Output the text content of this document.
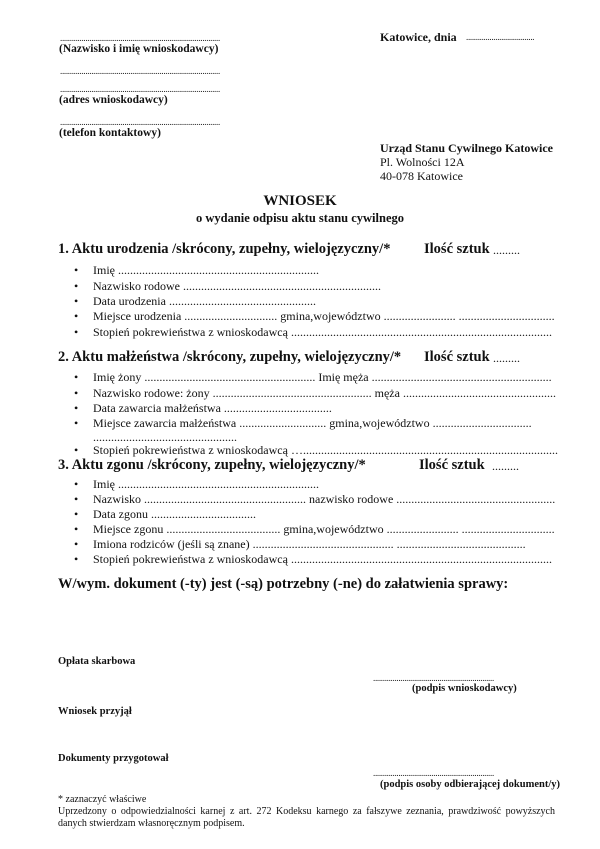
..................................................................................
(Nazwisko i imię wnioskodawcy)
..................................................................................
..................................................................................
(adres wnioskodawcy)
..................................................................................
(telefon kontaktowy)
Katowice, dnia ...................................
Urząd Stanu Cywilnego Katowice
Pl. Wolności 12A
40-078 Katowice
WNIOSEK
o wydanie odpisu aktu stanu cywilnego
1. Aktu urodzenia /skrócony, zupełny, wielojęzyczny/* Ilość sztuk .........
• Imię ...................................................................
• Nazwisko rodowe ..................................................................
• Data urodzenia .................................................
• Miejsce urodzenia ............................... gmina,województwo ........................ ................................
• Stopień pokrewieństwa z wnioskodawcą .......................................................................................
2. Aktu małżeństwa /skrócony, zupełny, wielojęzyczny/* Ilość sztuk .........
• Imię żony ......................................................... Imię męża ............................................................
• Nazwisko rodowe: żony ..................................................... męża ...................................................
• Data zawarcia małżeństwa ....................................
• Miejsce zawarcia małżeństwa ............................. gmina,województwo .................................
................................................
• Stopień pokrewieństwa z wnioskodawcą ….....................................................................................
3. Aktu zgonu /skrócony, zupełny, wielojęzyczny/*	Ilość sztuk .........
• Imię ...................................................................
• Nazwisko ...................................................... nazwisko rodowe .....................................................
• Data zgonu ...................................
• Miejsce zgonu ...................................... gmina,województwo ........................ ...............................
• Imiona rodziców (jeśli są znane) ............................................... ...........................................
• Stopień pokrewieństwa z wnioskodawcą .......................................................................................
W/wym. dokument (-ty) jest (-są) potrzebny (-ne) do załatwienia sprawy:
Opłata skarbowa
..............................................................
(podpis wnioskodawcy)
Wniosek przyjął
Dokumenty przygotował
..............................................................
(podpis osoby odbierającej dokument/y)
* zaznaczyć właściwe
Uprzedzony o odpowiedzialności karnej z art. 272 Kodeksu karnego za fałszywe zeznania, prawdziwość powyższych
danych stwierdzam własnoręcznym podpisem.
